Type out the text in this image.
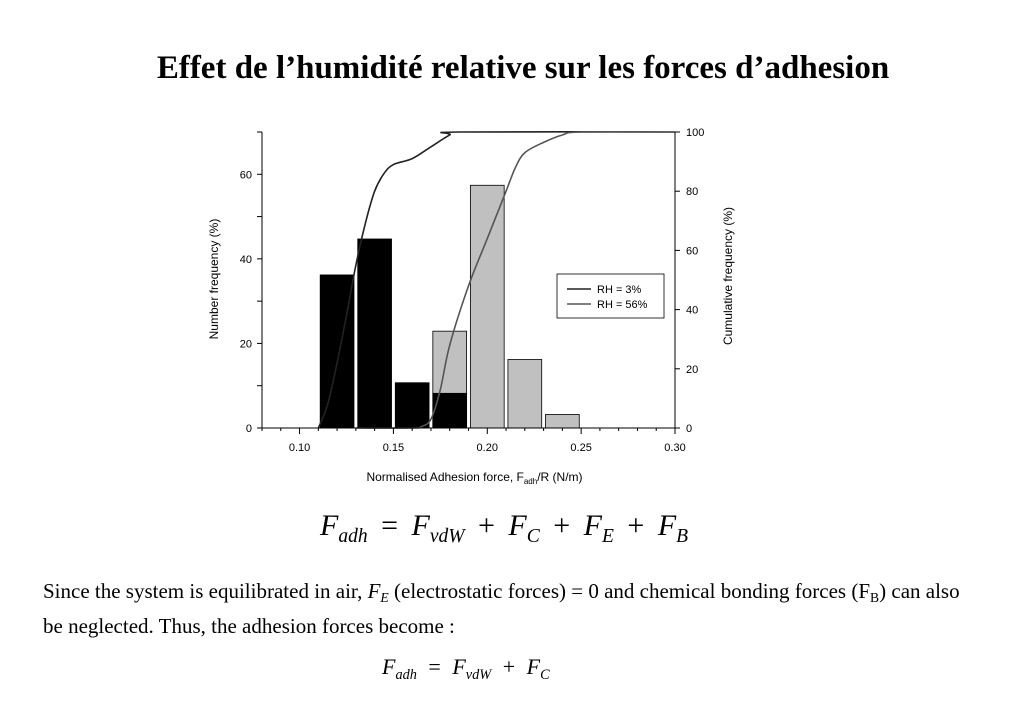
Effet de l’humidité relative sur les forces d’adhesion
0
20
40
60
0
20
40
60
80
100
0.10	0.15	0.20	0.25	0.30
Normalised Adhesion force, $F_{adh}/R$ (N/m)
Number frequency (%)	Cumulative frequency (%)
RH = 3%
RH = 56%
$F_{adh} = F_{vdW} + F_C + F_E + F_B$
Since the system is equilibrated in air, $F_E$ (electrostatic forces) = 0 and chemical bonding forces $(F_B)$ can also be neglected. Thus, the adhesion forces become :
$F_{adh} = F_{vdW} + F_C$
